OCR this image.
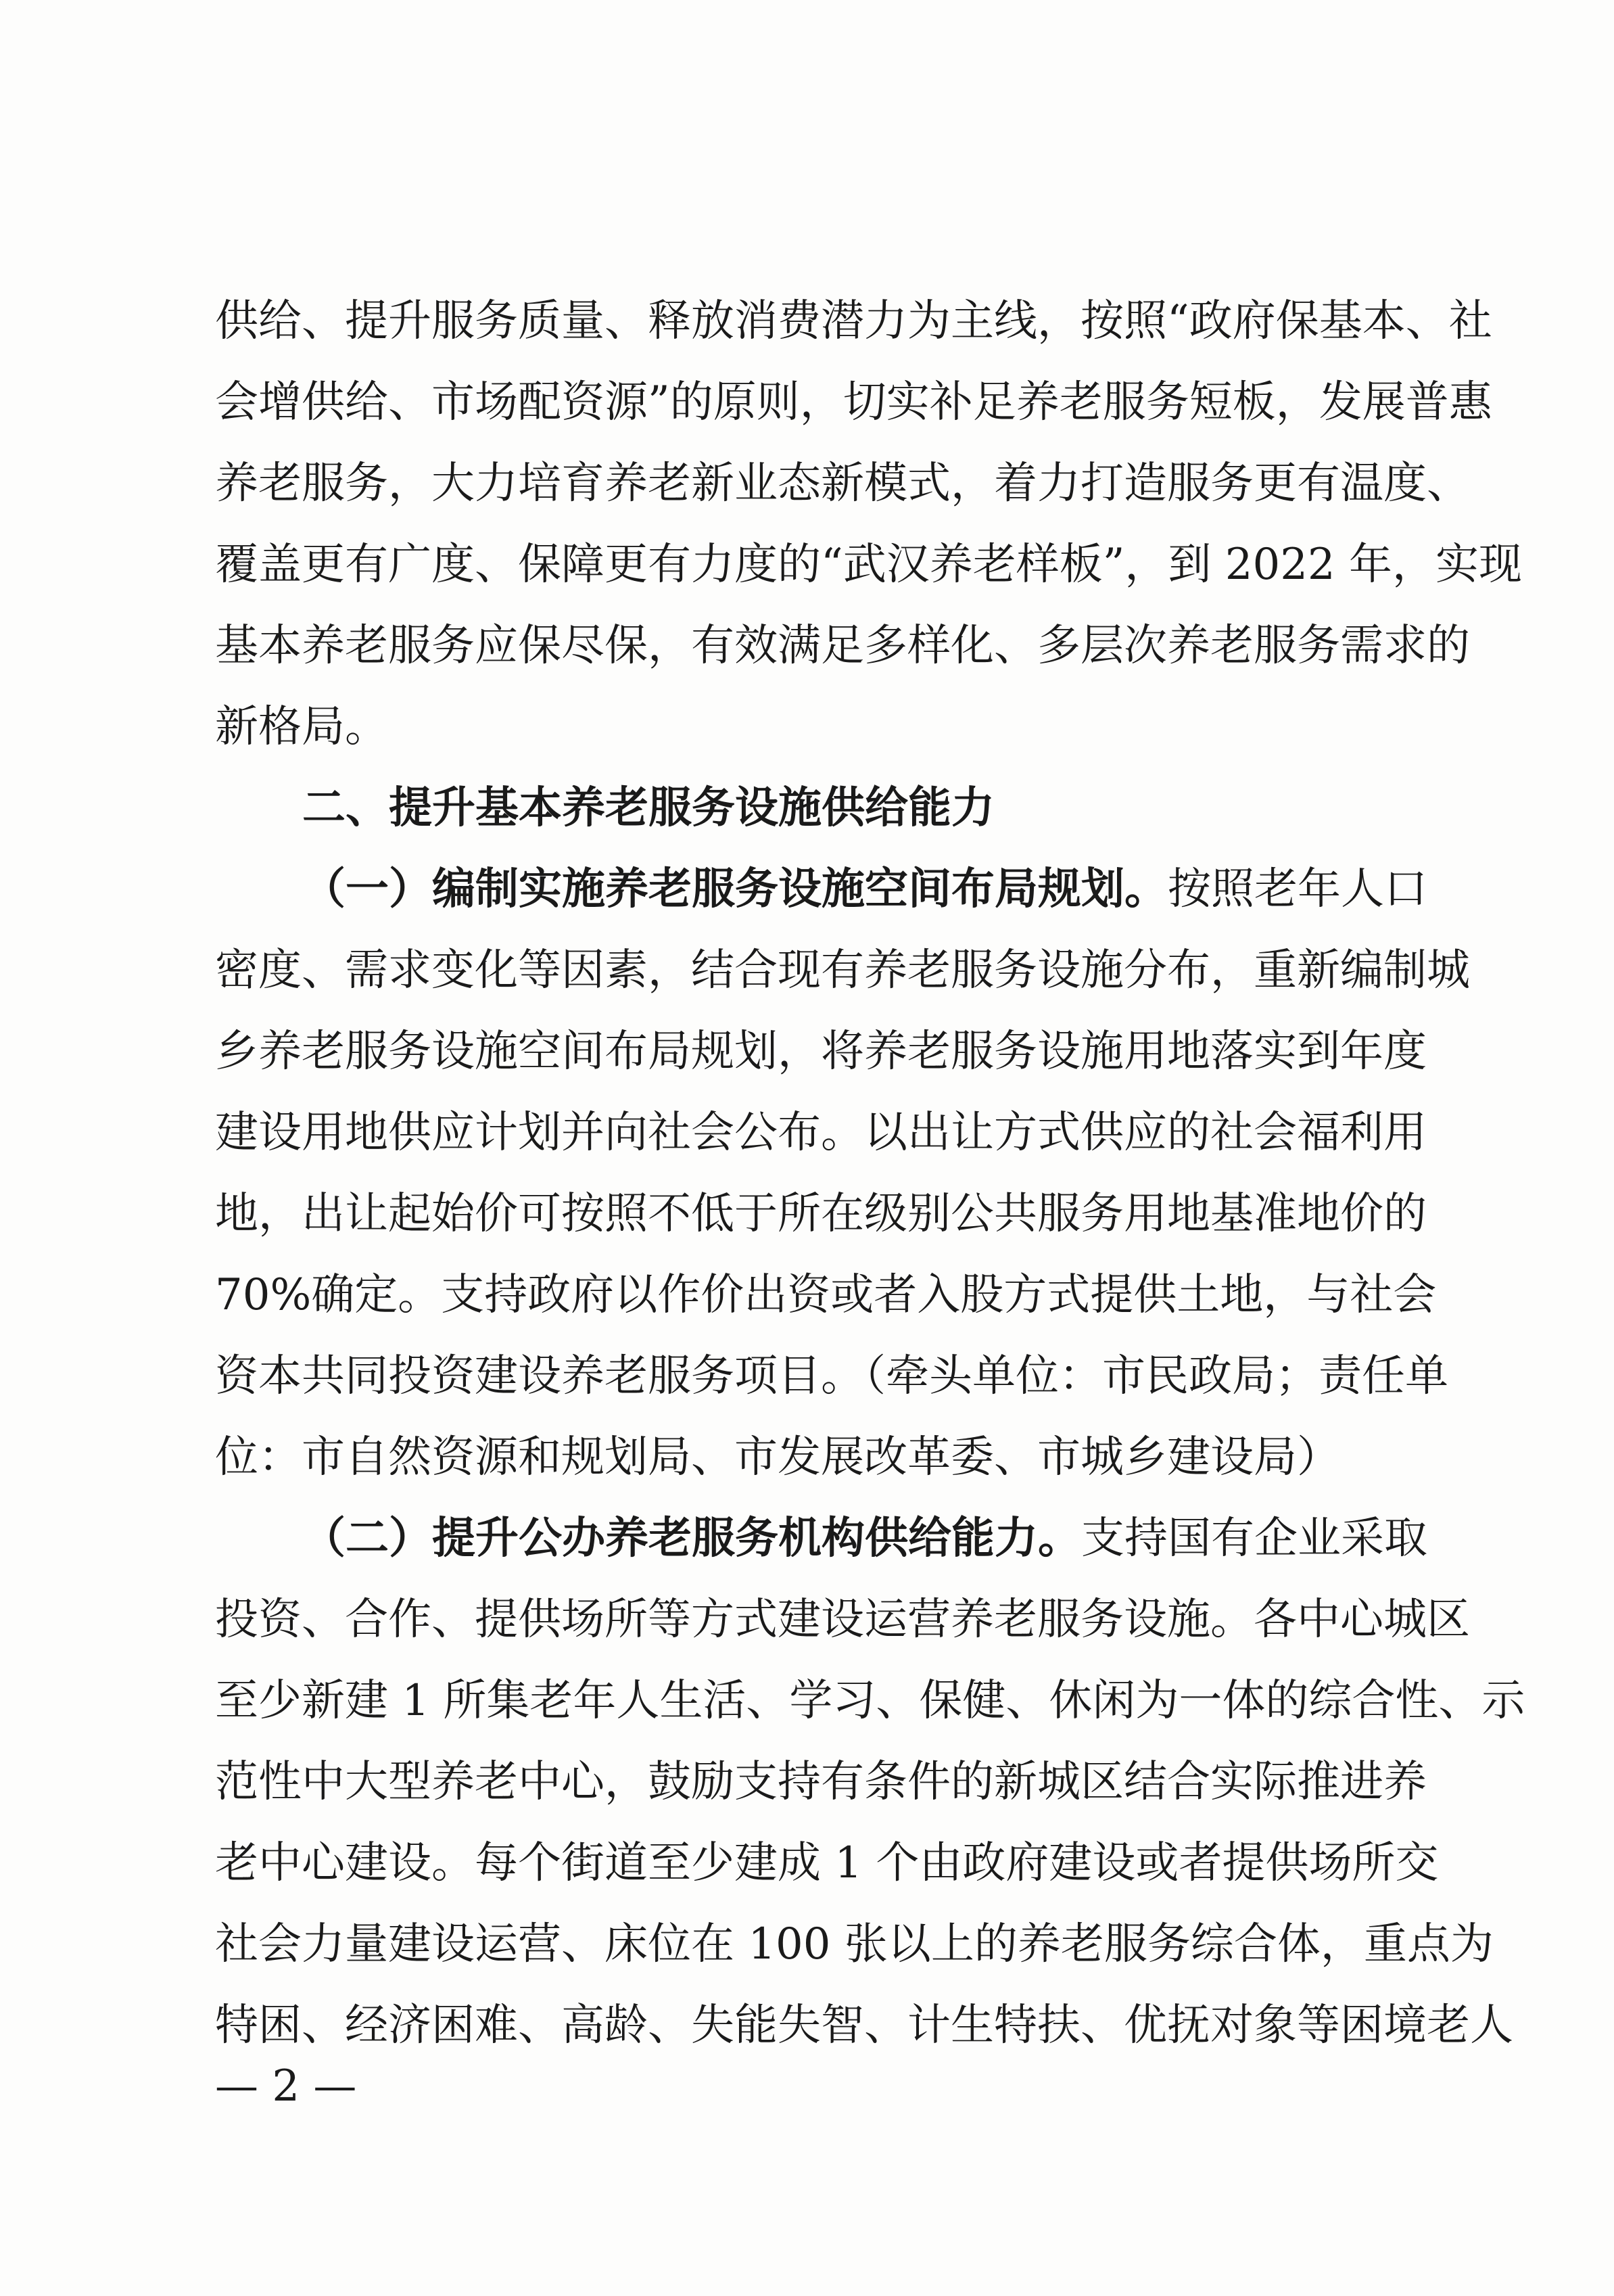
供给、提升服务质量、释放消费潜力为主线，按照“政府保基本、社
会增供给、市场配资源”的原则，切实补足养老服务短板，发展普惠
养老服务，大力培育养老新业态新模式，着力打造服务更有温度、
覆盖更有广度、保障更有力度的“武汉养老样板”，到 2022 年，实现
基本养老服务应保尽保，有效满足多样化、多层次养老服务需求的
新格局。
二、提升基本养老服务设施供给能力
（一）编制实施养老服务设施空间布局规划。按照老年人口
密度、需求变化等因素，结合现有养老服务设施分布，重新编制城
乡养老服务设施空间布局规划，将养老服务设施用地落实到年度
建设用地供应计划并向社会公布。以出让方式供应的社会福利用
地，出让起始价可按照不低于所在级别公共服务用地基准地价的
70%确定。支持政府以作价出资或者入股方式提供土地，与社会
资本共同投资建设养老服务项目。（牵头单位：市民政局；责任单
位：市自然资源和规划局、市发展改革委、市城乡建设局）
（二）提升公办养老服务机构供给能力。支持国有企业采取
投资、合作、提供场所等方式建设运营养老服务设施。各中心城区
至少新建 1 所集老年人生活、学习、保健、休闲为一体的综合性、示
范性中大型养老中心，鼓励支持有条件的新城区结合实际推进养
老中心建设。每个街道至少建成 1 个由政府建设或者提供场所交
社会力量建设运营、床位在 100 张以上的养老服务综合体，重点为
特困、经济困难、高龄、失能失智、计生特扶、优抚对象等困境老人
— 2 —
